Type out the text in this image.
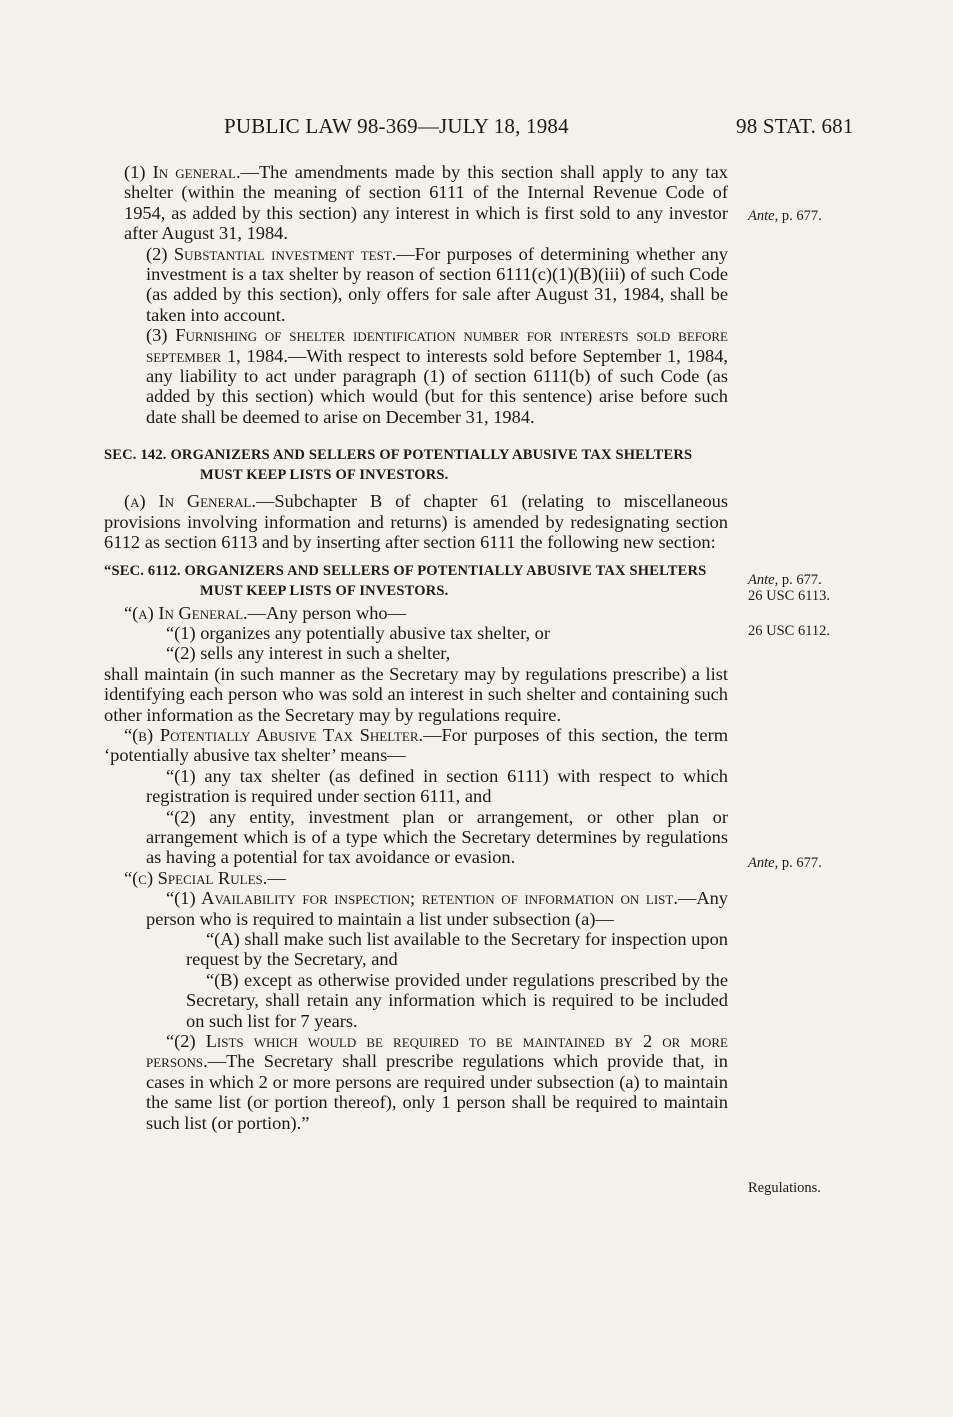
PUBLIC LAW 98-369—JULY 18, 1984	98 STAT. 681

(1) In general.—The amendments made by this section shall apply to any tax shelter (within the meaning of section 6111 of the Internal Revenue Code of 1954, as added by this section) any interest in which is first sold to any investor after August 31, 1984.

(2) Substantial investment test.—For purposes of determining whether any investment is a tax shelter by reason of section 6111(c)(1)(B)(iii) of such Code (as added by this section), only offers for sale after August 31, 1984, shall be taken into account.

(3) Furnishing of shelter identification number for interests sold before september 1, 1984.—With respect to interests sold before September 1, 1984, any liability to act under paragraph (1) of section 6111(b) of such Code (as added by this section) which would (but for this sentence) arise before such date shall be deemed to arise on December 31, 1984.

SEC. 142. ORGANIZERS AND SELLERS OF POTENTIALLY ABUSIVE TAX SHELTERS MUST KEEP LISTS OF INVESTORS.

(a) In General.—Subchapter B of chapter 61 (relating to miscellaneous provisions involving information and returns) is amended by redesignating section 6112 as section 6113 and by inserting after section 6111 the following new section:

“SEC. 6112. ORGANIZERS AND SELLERS OF POTENTIALLY ABUSIVE TAX SHELTERS MUST KEEP LISTS OF INVESTORS.

“(a) In General.—Any person who—

“(1) organizes any potentially abusive tax shelter, or

“(2) sells any interest in such a shelter,

shall maintain (in such manner as the Secretary may by regulations prescribe) a list identifying each person who was sold an interest in such shelter and containing such other information as the Secretary may by regulations require.

“(b) Potentially Abusive Tax Shelter.—For purposes of this section, the term ‘potentially abusive tax shelter’ means—

“(1) any tax shelter (as defined in section 6111) with respect to which registration is required under section 6111, and

“(2) any entity, investment plan or arrangement, or other plan or arrangement which is of a type which the Secretary determines by regulations as having a potential for tax avoidance or evasion.

“(c) Special Rules.—

“(1) Availability for inspection; retention of information on list.—Any person who is required to maintain a list under subsection (a)—

“(A) shall make such list available to the Secretary for inspection upon request by the Secretary, and

“(B) except as otherwise provided under regulations prescribed by the Secretary, shall retain any information which is required to be included on such list for 7 years.

“(2) Lists which would be required to be maintained by 2 or more persons.—The Secretary shall prescribe regulations which provide that, in cases in which 2 or more persons are required under subsection (a) to maintain the same list (or portion thereof), only 1 person shall be required to maintain such list (or portion).”

Ante, p. 677.
Ante, p. 677.
26 USC 6113.
26 USC 6112.
Ante, p. 677.
Regulations.
